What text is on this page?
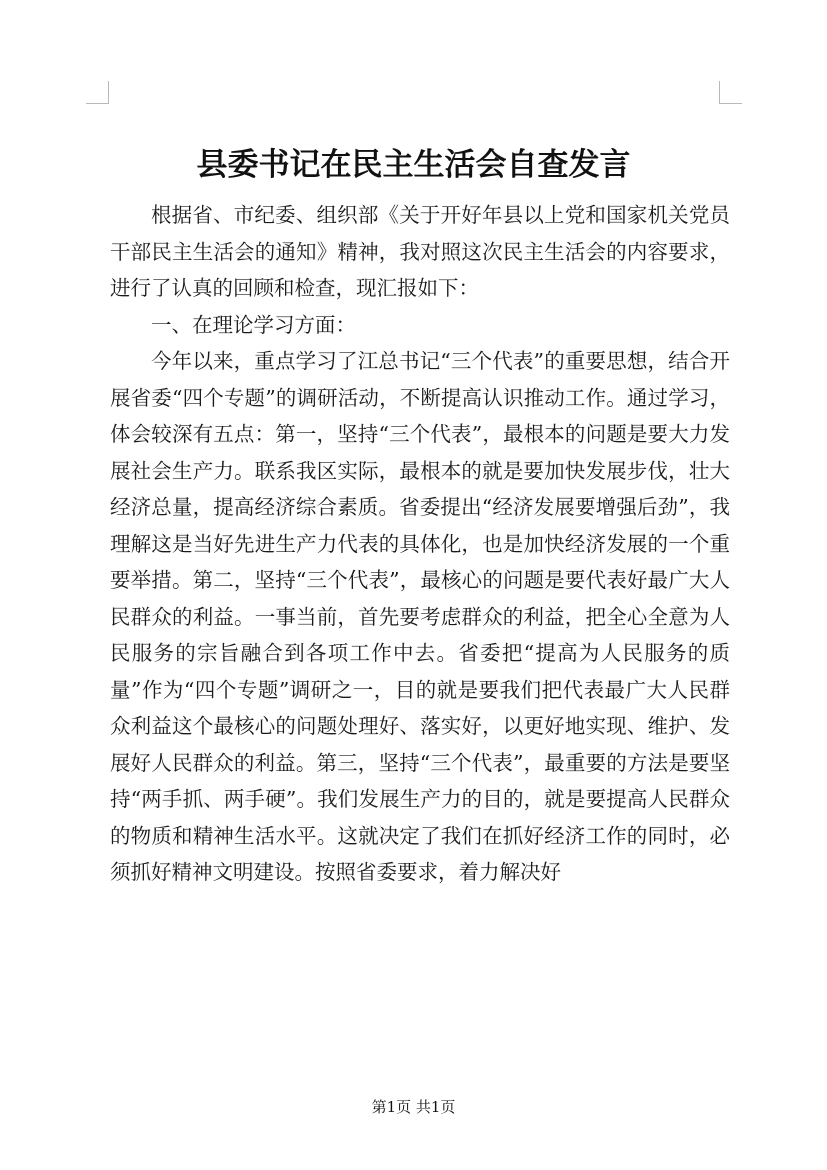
县委书记在民主生活会自查发言

根据省、市纪委、组织部《关于开好年县以上党和国家机关党员干部民主生活会的通知》精神，我对照这次民主生活会的内容要求，进行了认真的回顾和检查，现汇报如下：

一、在理论学习方面：

今年以来，重点学习了江总书记“三个代表”的重要思想，结合开展省委“四个专题”的调研活动，不断提高认识推动工作。通过学习，体会较深有五点：第一，坚持“三个代表”，最根本的问题是要大力发展社会生产力。联系我区实际，最根本的就是要加快发展步伐，壮大经济总量，提高经济综合素质。省委提出“经济发展要增强后劲”，我理解这是当好先进生产力代表的具体化，也是加快经济发展的一个重要举措。第二，坚持“三个代表”，最核心的问题是要代表好最广大人民群众的利益。一事当前，首先要考虑群众的利益，把全心全意为人民服务的宗旨融合到各项工作中去。省委把“提高为人民服务的质量”作为“四个专题”调研之一，目的就是要我们把代表最广大人民群众利益这个最核心的问题处理好、落实好，以更好地实现、维护、发展好人民群众的利益。第三，坚持“三个代表”，最重要的方法是要坚持“两手抓、两手硬”。我们发展生产力的目的，就是要提高人民群众的物质和精神生活水平。这就决定了我们在抓好经济工作的同时，必须抓好精神文明建设。按照省委要求，着力解决好

第1页 共1页
